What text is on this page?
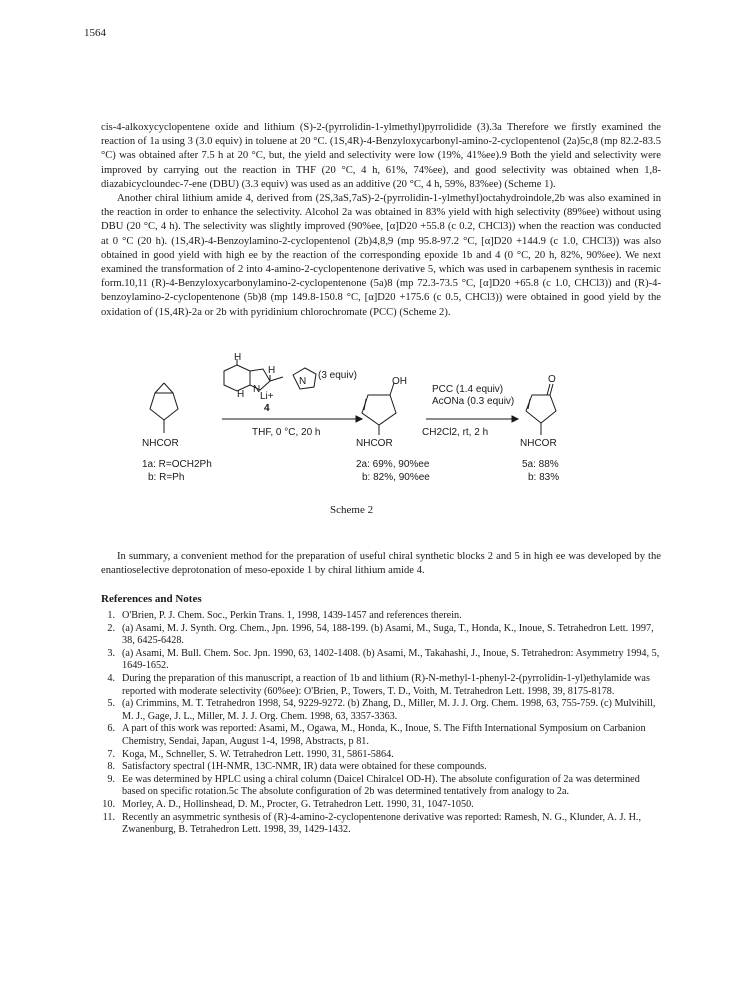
1564

cis-4-alkoxycyclopentene oxide and lithium (S)-2-(pyrrolidin-1-ylmethyl)pyrrolidide (3).3a Therefore we firstly examined the reaction of 1a using 3 (3.0 equiv) in toluene at 20 °C. (1S,4R)-4-Benzyloxycarbonyl-amino-2-cyclopentenol (2a)5c,8 (mp 82.2-83.5 °C) was obtained after 7.5 h at 20 °C, but, the yield and selectivity were low (19%, 41%ee).9 Both the yield and selectivity were improved by carrying out the reaction in THF (20 °C, 4 h, 61%, 74%ee), and good selectivity was obtained when 1,8-diazabicycloundec-7-ene (DBU) (3.3 equiv) was used as an additive (20 °C, 4 h, 59%, 83%ee) (Scheme 1).

Another chiral lithium amide 4, derived from (2S,3aS,7aS)-2-(pyrrolidin-1-ylmethyl)octahydroindole,2b was also examined in the reaction in order to enhance the selectivity. Alcohol 2a was obtained in 83% yield with high selectivity (89%ee) without using DBU (20 °C, 4 h). The selectivity was slightly improved (90%ee, [α]D20 +55.8 (c 0.2, CHCl3)) when the reaction was conducted at 0 °C (20 h). (1S,4R)-4-Benzoylamino-2-cyclopentenol (2b)4,8,9 (mp 95.8-97.2 °C, [α]D20 +144.9 (c 1.0, CHCl3)) was also obtained in good yield with high ee by the reaction of the corresponding epoxide 1b and 4 (0 °C, 20 h, 82%, 90%ee). We next examined the transformation of 2 into 4-amino-2-cyclopentenone derivative 5, which was used in carbapenem synthesis in racemic form.10,11 (R)-4-Benzyloxycarbonylamino-2-cyclopentenone (5a)8 (mp 72.3-73.5 °C, [α]D20 +65.8 (c 1.0, CHCl3)) and (R)-4-benzoylamino-2-cyclopentenone (5b)8 (mp 149.8-150.8 °C, [α]D20 +175.6 (c 0.5, CHCl3)) were obtained in good yield by the oxidation of (1S,4R)-2a or 2b with pyridinium chlorochromate (PCC) (Scheme 2).

H
H
H N
Li+
N
(3 equiv)
4
THF, 0 °C, 20 h
OH
PCC (1.4 equiv)
AcONa (0.3 equiv)
CH2Cl2, rt, 2 h
O
NHCOR	NHCOR	NHCOR
1a: R=OCH2Ph
b: R=Ph
2a: 69%, 90%ee
b: 82%, 90%ee
5a: 88%
b: 83%
Scheme 2
In summary, a convenient method for the preparation of useful chiral synthetic blocks 2 and 5 in high ee was developed by the enantioselective deprotonation of meso-epoxide 1 by chiral lithium amide 4.
References and Notes
1. O'Brien, P. J. Chem. Soc., Perkin Trans. 1, 1998, 1439-1457 and references therein.
2. (a) Asami, M. J. Synth. Org. Chem., Jpn. 1996, 54, 188-199. (b) Asami, M., Suga, T., Honda, K., Inoue, S. Tetrahedron Lett. 1997, 38, 6425-6428.
3. (a) Asami, M. Bull. Chem. Soc. Jpn. 1990, 63, 1402-1408. (b) Asami, M., Takahashi, J., Inoue, S. Tetrahedron: Asymmetry 1994, 5, 1649-1652.
4. During the preparation of this manuscript, a reaction of 1b and lithium (R)-N-methyl-1-phenyl-2-(pyrrolidin-1-yl)ethylamide was reported with moderate selectivity (60%ee): O'Brien, P., Towers, T. D., Voith, M. Tetrahedron Lett. 1998, 39, 8175-8178.
5. (a) Crimmins, M. T. Tetrahedron 1998, 54, 9229-9272. (b) Zhang, D., Miller, M. J. J. Org. Chem. 1998, 63, 755-759. (c) Mulvihill, M. J., Gage, J. L., Miller, M. J. J. Org. Chem. 1998, 63, 3357-3363.
6. A part of this work was reported: Asami, M., Ogawa, M., Honda, K., Inoue, S. The Fifth International Symposium on Carbanion Chemistry, Sendai, Japan, August 1-4, 1998, Abstracts, p 81.
7. Koga, M., Schneller, S. W. Tetrahedron Lett. 1990, 31, 5861-5864.
8. Satisfactory spectral (1H-NMR, 13C-NMR, IR) data were obtained for these compounds.
9. Ee was determined by HPLC using a chiral column (Daicel Chiralcel OD-H). The absolute configuration of 2a was determined based on specific rotation.5c The absolute configuration of 2b was determined tentatively from analogy to 2a.
10. Morley, A. D., Hollinshead, D. M., Procter, G. Tetrahedron Lett. 1990, 31, 1047-1050.
11. Recently an asymmetric synthesis of (R)-4-amino-2-cyclopentenone derivative was reported: Ramesh, N. G., Klunder, A. J. H., Zwanenburg, B. Tetrahedron Lett. 1998, 39, 1429-1432.
